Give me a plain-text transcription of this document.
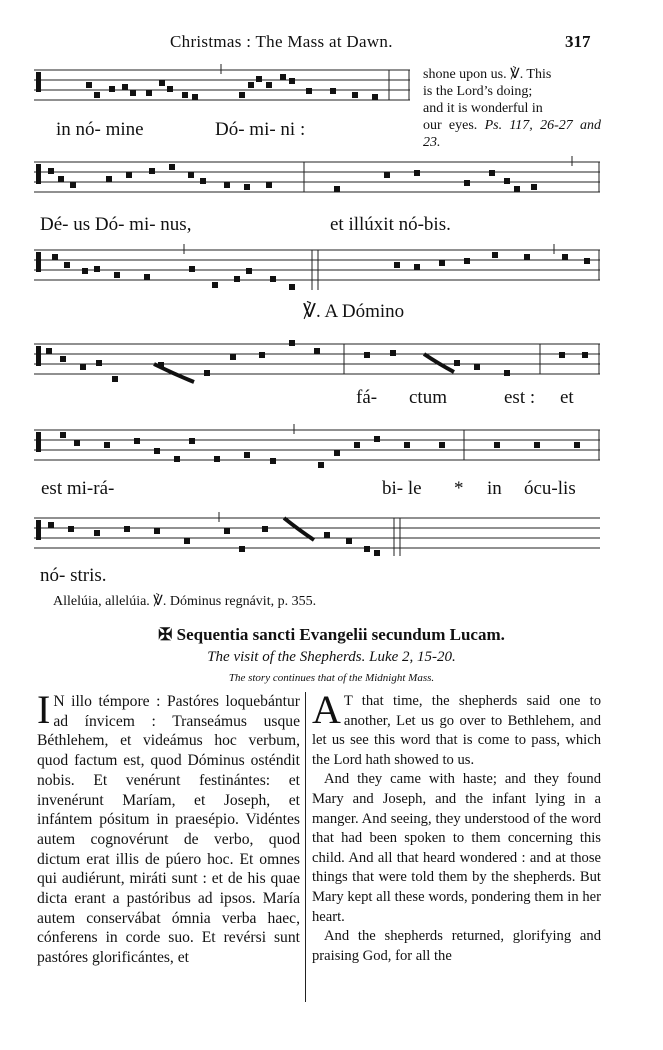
Christmas : The Mass at Dawn.	317
in nó- mine	Dó- mi- ni :
shone upon us. ℣. This
is the Lord’s doing;
and it is wonderful in
our eyes. Ps. 117, 26-27 and 23.
Dé- us Dó- mi- nus,	et illúxit nó-bis.
℣. A Dómino
fá- ctum	est : et
est mi-rá-	bi- le * in ócu-lis
nó- stris.
Allelúia, allelúia. ℣. Dóminus regnávit, p. 355.
✠ Sequentia sancti Evangelii secundum Lucam.
The visit of the Shepherds. Luke 2, 15-20.
The story continues that of the Midnight Mass.
I N illo témpore : Pastóres loquebántur ad ínvicem : Transeámus usque Béthlehem, et videámus hoc verbum, quod factum est, quod Dóminus osténdit nobis. Et venérunt festinántes: et invenérunt Maríam, et Joseph, et infántem pósitum in praesépio. Vidéntes autem cognovérunt de verbo, quod dictum erat illis de púero hoc. Et omnes qui audiérunt, miráti sunt : et de his quae dicta erant a pastóribus ad ipsos. María autem conservábat ómnia verba haec, cónferens in corde suo. Et revérsi sunt pastóres glorificántes, et

A T that time, the shepherds said one to another, Let us go over to Bethlehem, and let us see this word that is come to pass, which the Lord hath showed to us.

And they came with haste; and they found Mary and Joseph, and the infant lying in a manger. And seeing, they understood of the word that had been spoken to them concerning this child. And all that heard wondered : and at those things that were told them by the shepherds. But Mary kept all these words, pondering them in her heart.

And the shepherds returned, glorifying and praising God, for all the
